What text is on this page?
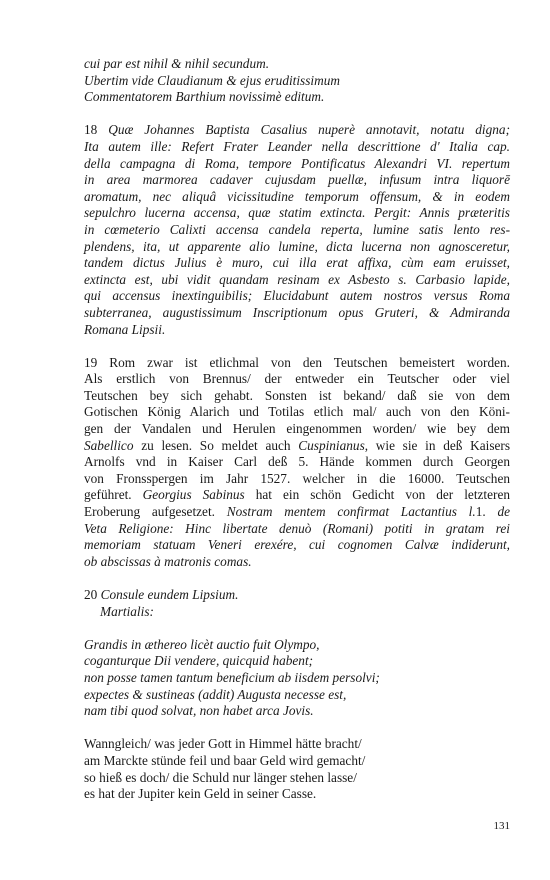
cui par est nihil & nihil secundum.
Ubertim vide Claudianum & ejus eruditissimum
Commentatorem Barthium novissimè editum.
18 Quæ Johannes Baptista Casalius nuperè annotavit, notatu digna;
Ita autem ille: Refert Frater Leander nella descrittione d' Italia cap.
della campagna di Roma, tempore Pontificatus Alexandri VI. repertum
in area marmorea cadaver cujusdam puellæ, infusum intra liquorē
aromatum, nec aliquâ vicissitudine temporum offensum, & in eodem
sepulchro lucerna accensa, quæ statim extincta. Pergit: Annis præteritis
in cœmeterio Calixti accensa candela reperta, lumine satis lento res-
plendens, ita, ut apparente alio lumine, dicta lucerna non agnosceretur,
tandem dictus Julius è muro, cui illa erat affixa, cùm eam eruisset,
extincta est, ubi vidit quandam resinam ex Asbesto s. Carbasio lapide,
qui accensus inextinguibilis; Elucidabunt autem nostros versus Roma
subterranea, augustissimum Inscriptionum opus Gruteri, & Admiranda
Romana Lipsii.
19 Rom zwar ist etlichmal von den Teutschen bemeistert worden.
Als erstlich von Brennus/ der entweder ein Teutscher oder viel
Teutschen bey sich gehabt. Sonsten ist bekand/ daß sie von dem
Gotischen König Alarich und Totilas etlich mal/ auch von den Köni-
gen der Vandalen und Herulen eingenommen worden/ wie bey dem
Sabellico zu lesen. So meldet auch Cuspinianus, wie sie in deß Kaisers
Arnolfs vnd in Kaiser Carl deß 5. Hände kommen durch Georgen
von Fronsspergen im Jahr 1527. welcher in die 16000. Teutschen
geführet. Georgius Sabinus hat ein schön Gedicht von der letzteren
Eroberung aufgesetzet. Nostram mentem confirmat Lactantius l.1. de
Veta Religione: Hinc libertate denuò (Romani) potiti in gratam rei
memoriam statuam Veneri erexére, cui cognomen Calvæ indiderunt,
ob abscissas à matronis comas.
20 Consule eundem Lipsium.
Martialis:
Grandis in æthereo licèt auctio fuit Olympo,
coganturque Dii vendere, quicquid habent;
non posse tamen tantum beneficium ab iisdem persolvi;
expectes & sustineas (addit) Augusta necesse est,
nam tibi quod solvat, non habet arca Jovis.
Wanngleich/ was jeder Gott in Himmel hätte bracht/
am Marckte stünde feil und baar Geld wird gemacht/
so hieß es doch/ die Schuld nur länger stehen lasse/
es hat der Jupiter kein Geld in seiner Casse.
131
